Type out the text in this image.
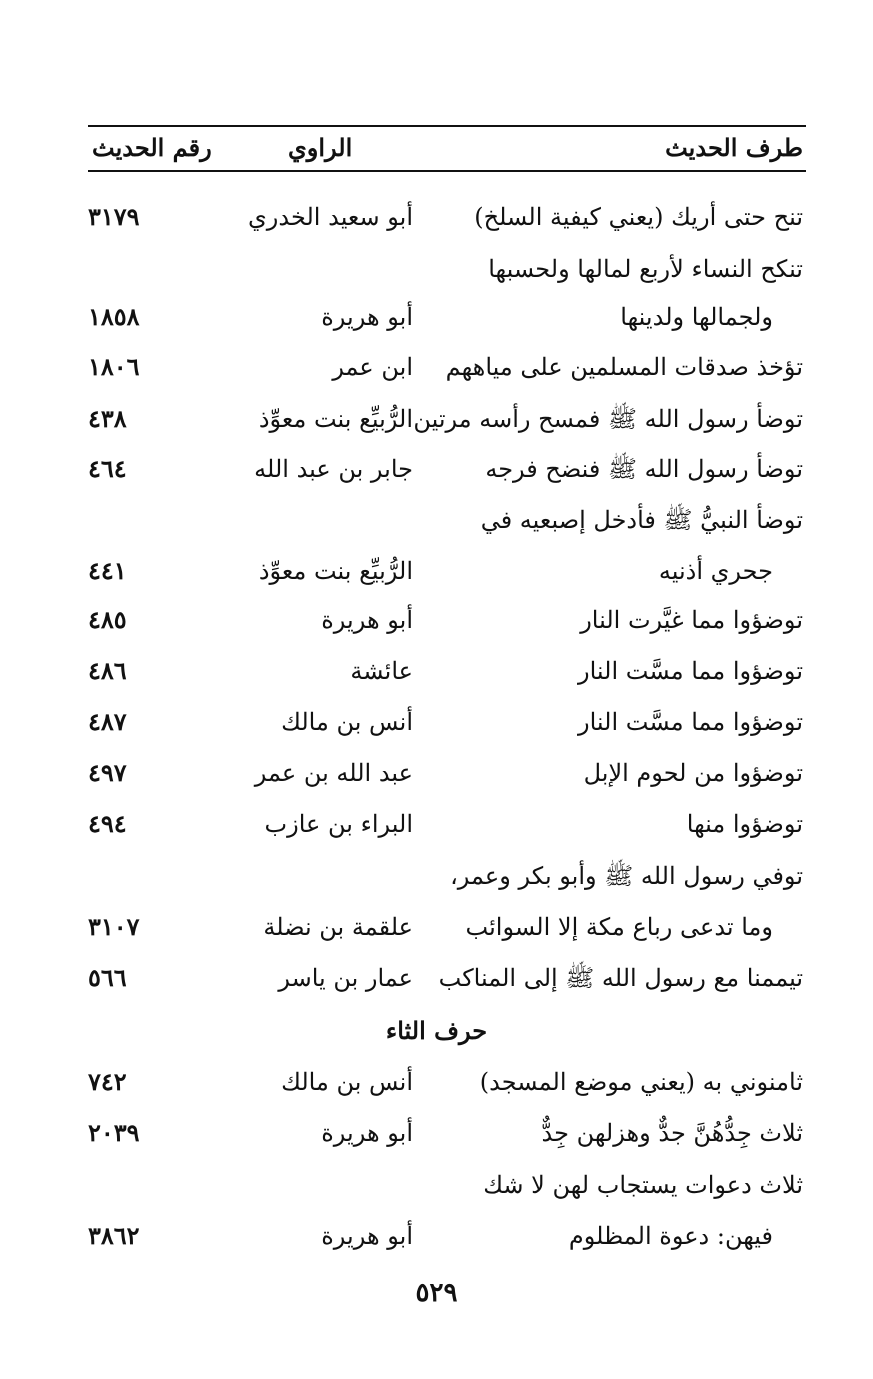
طرف الحديث
الراوي
رقم الحديث
تنح حتى أريك (يعني كيفية السلخ)
أبو سعيد الخدري
٣١٧٩
تنكح النساء لأربع لمالها ولحسبها
ولجمالها ولدينها
أبو هريرة
١٨٥٨
تؤخذ صدقات المسلمين على مياههم
ابن عمر
١٨٠٦
توضأ رسول الله ﷺ فمسح رأسه مرتين
الرُّبيِّع بنت معوِّذ
٤٣٨
توضأ رسول الله ﷺ فنضح فرجه
جابر بن عبد الله
٤٦٤
توضأ النبيُّ ﷺ فأدخل إصبعيه في
جحري أذنيه
الرُّبيِّع بنت معوِّذ
٤٤١
توضؤوا مما غيَّرت النار
أبو هريرة
٤٨٥
توضؤوا مما مسَّت النار
عائشة
٤٨٦
توضؤوا مما مسَّت النار
أنس بن مالك
٤٨٧
توضؤوا من لحوم الإبل
عبد الله بن عمر
٤٩٧
توضؤوا منها
البراء بن عازب
٤٩٤
توفي رسول الله ﷺ وأبو بكر وعمر،
وما تدعى رباع مكة إلا السوائب
علقمة بن نضلة
٣١٠٧
تيممنا مع رسول الله ﷺ إلى المناكب
عمار بن ياسر
٥٦٦
حرف الثاء
ثامنوني به (يعني موضع المسجد)
أنس بن مالك
٧٤٢
ثلاث جِدُّهُنَّ جدٌّ وهزلهن جِدٌّ
أبو هريرة
٢٠٣٩
ثلاث دعوات يستجاب لهن لا شك
فيهن: دعوة المظلوم
أبو هريرة
٣٨٦٢
٥٢٩
